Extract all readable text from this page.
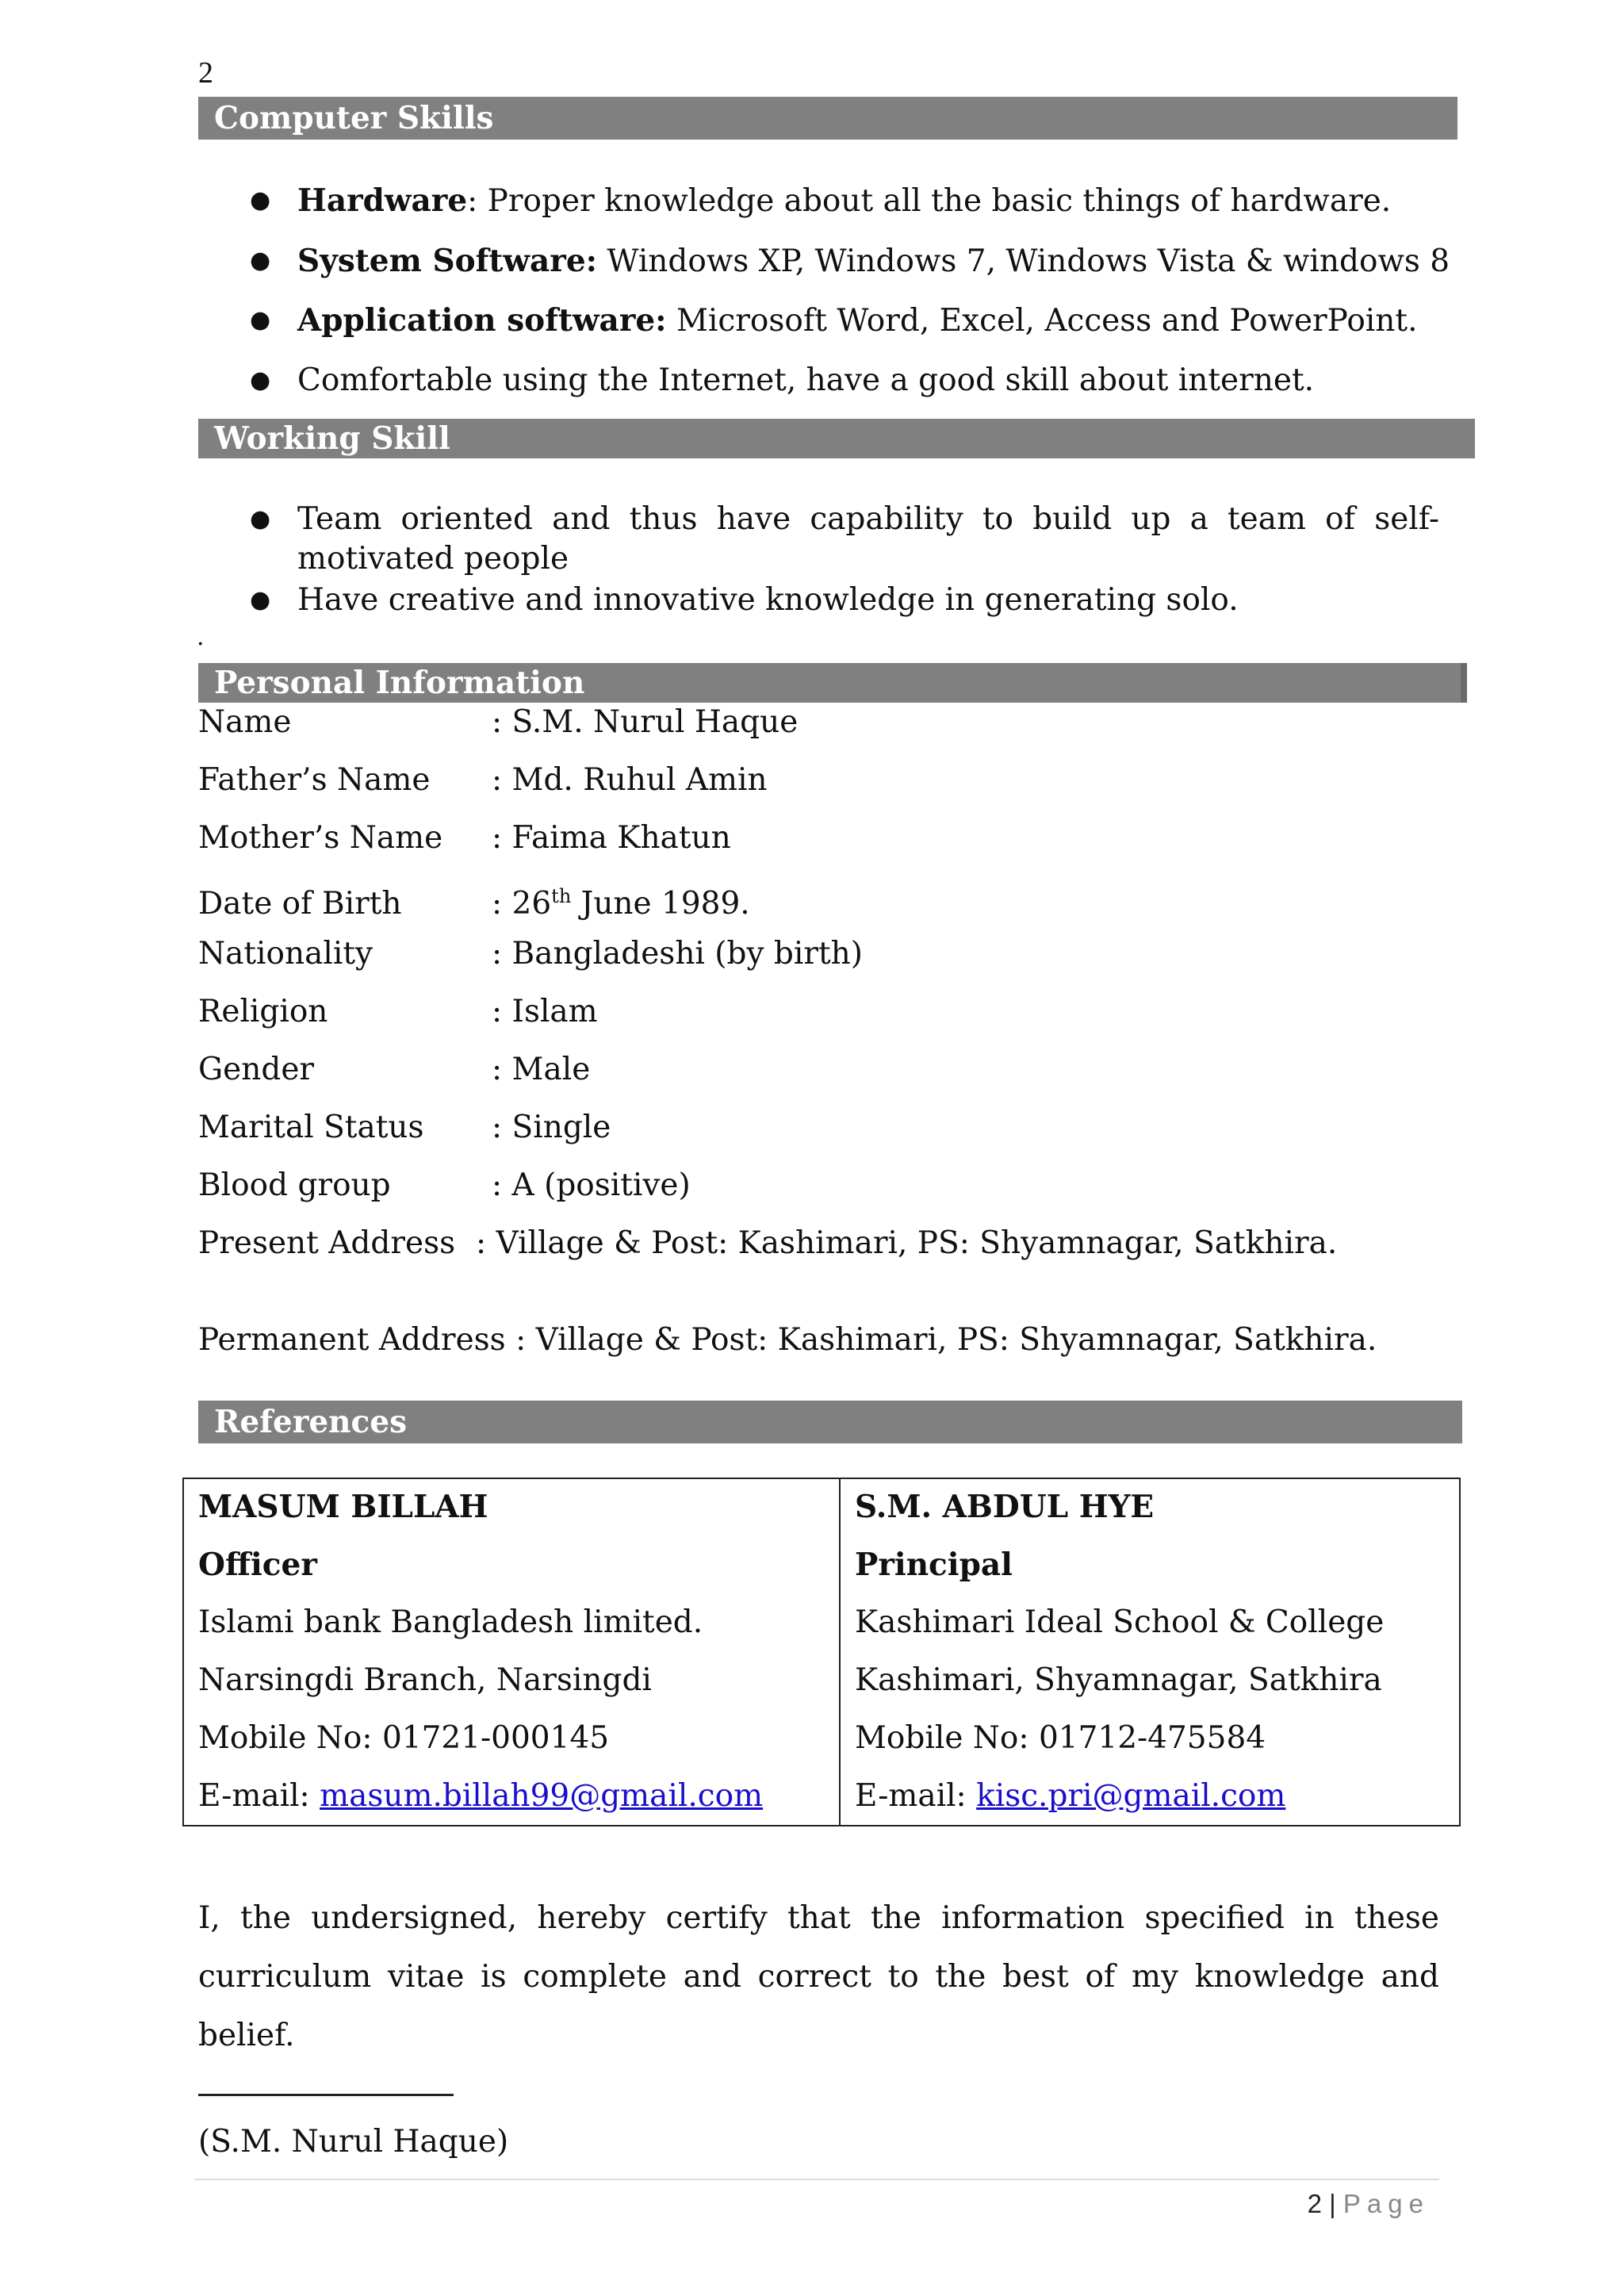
2
Computer Skills
● Hardware: Proper knowledge about all the basic things of hardware.
● System Software: Windows XP, Windows 7, Windows Vista & windows 8
● Application software: Microsoft Word, Excel, Access and PowerPoint.
● Comfortable using the Internet, have a good skill about internet.
Working Skill
● Team oriented and thus have capability to build up a team of self-motivated people
● Have creative and innovative knowledge in generating solo.
.
Personal Information
Name	: S.M. Nurul Haque
Father’s Name : Md. Ruhul Amin
Mother’s Name : Faima Khatun
Date of Birth	: 26th June 1989.
Nationality	: Bangladeshi (by birth)
Religion	: Islam
Gender	: Male
Marital Status : Single
Blood group	: A (positive)
Present Address : Village & Post: Kashimari, PS: Shyamnagar, Satkhira.
Permanent Address : Village & Post: Kashimari, PS: Shyamnagar, Satkhira.
References
MASUM BILLAH
Officer
Islami bank Bangladesh limited.
Narsingdi Branch, Narsingdi
Mobile No: 01721-000145
E-mail: masum.billah99@gmail.com
S.M. ABDUL HYE
Principal
Kashimari Ideal School & College
Kashimari, Shyamnagar, Satkhira
Mobile No: 01712-475584
E-mail: kisc.pri@gmail.com
I, the undersigned, hereby certify that the information specified in these curriculum vitae is complete and correct to the best of my knowledge and belief.
(S.M. Nurul Haque)
2 | Page
